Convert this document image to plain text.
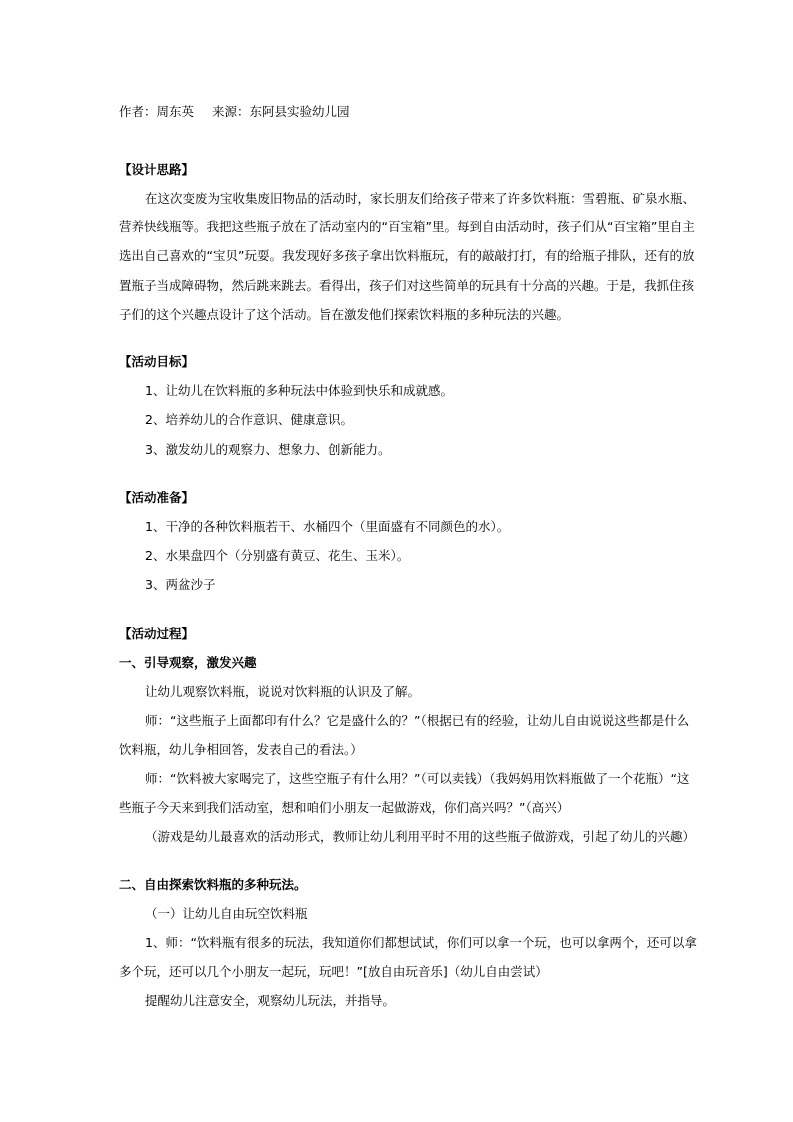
作者：周东英 来源：东阿县实验幼儿园
【设计思路】
在这次变废为宝收集废旧物品的活动时，家长朋友们给孩子带来了许多饮料瓶：雪碧瓶、矿泉水瓶、
营养快线瓶等。我把这些瓶子放在了活动室内的“百宝箱”里。每到自由活动时，孩子们从“百宝箱”里自主
选出自己喜欢的“宝贝”玩耍。我发现好多孩子拿出饮料瓶玩，有的敲敲打打，有的给瓶子排队，还有的放
置瓶子当成障碍物，然后跳来跳去。看得出，孩子们对这些简单的玩具有十分高的兴趣。于是，我抓住孩
子们的这个兴趣点设计了这个活动。旨在激发他们探索饮料瓶的多种玩法的兴趣。
【活动目标】
1、让幼儿在饮料瓶的多种玩法中体验到快乐和成就感。
2、培养幼儿的合作意识、健康意识。
3、激发幼儿的观察力、想象力、创新能力。
【活动准备】
1、干净的各种饮料瓶若干、水桶四个（里面盛有不同颜色的水）。
2、水果盘四个（分别盛有黄豆、花生、玉米）。
3、两盆沙子
【活动过程】
一、引导观察，激发兴趣
让幼儿观察饮料瓶，说说对饮料瓶的认识及了解。
师：“这些瓶子上面都印有什么？它是盛什么的？”（根据已有的经验，让幼儿自由说说这些都是什么
饮料瓶，幼儿争相回答，发表自己的看法。）
师：“饮料被大家喝完了，这些空瓶子有什么用？”（可以卖钱）（我妈妈用饮料瓶做了一个花瓶）“这
些瓶子今天来到我们活动室，想和咱们小朋友一起做游戏，你们高兴吗？”（高兴）
（游戏是幼儿最喜欢的活动形式，教师让幼儿利用平时不用的这些瓶子做游戏，引起了幼儿的兴趣）
二、自由探索饮料瓶的多种玩法。
（一）让幼儿自由玩空饮料瓶
1、师：“饮料瓶有很多的玩法，我知道你们都想试试，你们可以拿一个玩，也可以拿两个，还可以拿
多个玩，还可以几个小朋友一起玩，玩吧！”[放自由玩音乐]（幼儿自由尝试）
提醒幼儿注意安全，观察幼儿玩法，并指导。
